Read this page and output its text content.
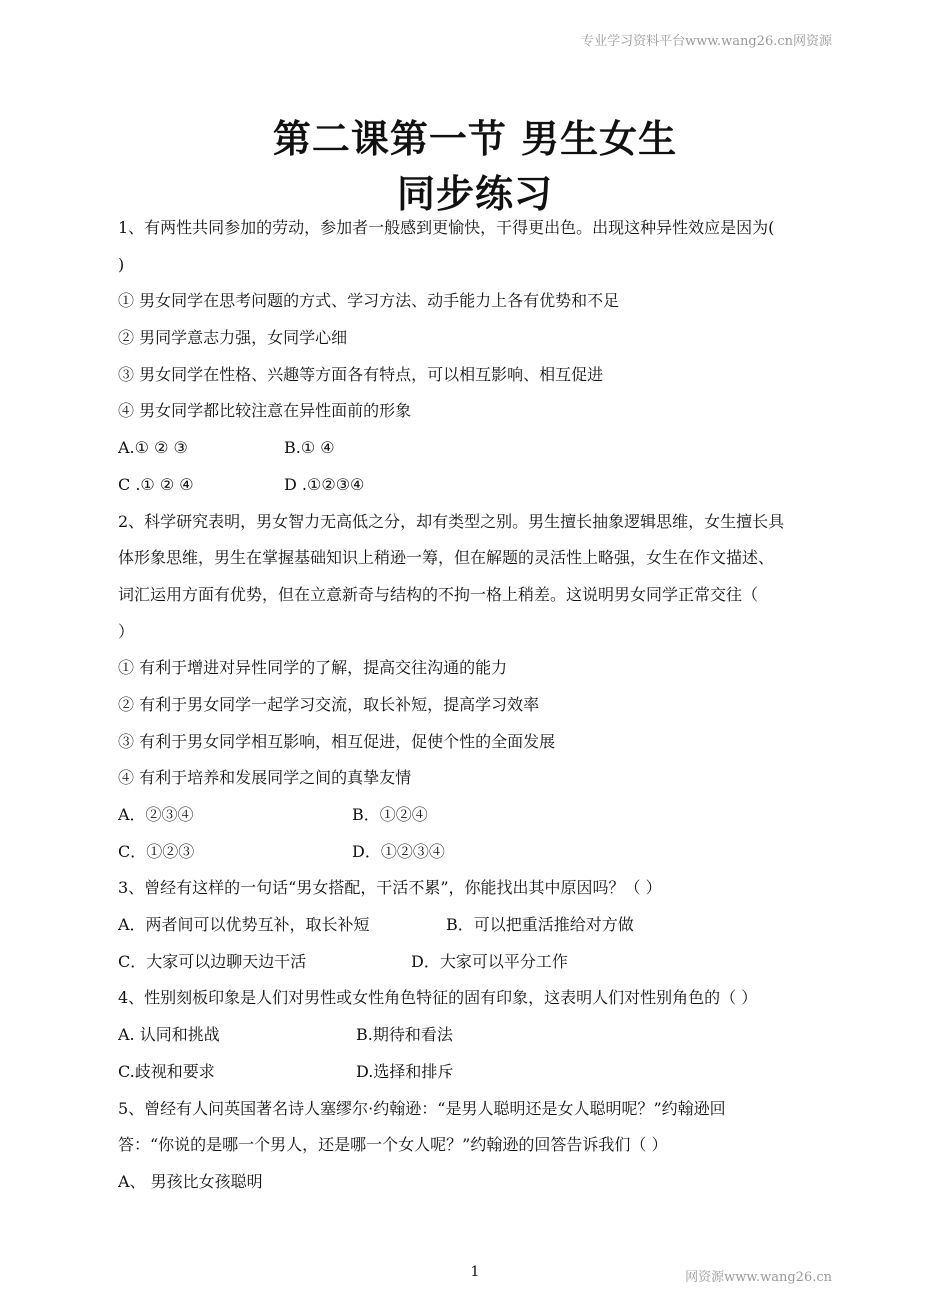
专业学习资料平台www.wang26.cn网资源
第二课第一节 男生女生
同步练习
1、有两性共同参加的劳动，参加者一般感到更愉快，干得更出色。出现这种异性效应是因为(
)
① 男女同学在思考问题的方式、学习方法、动手能力上各有优势和不足
② 男同学意志力强，女同学心细
③ 男女同学在性格、兴趣等方面各有特点，可以相互影响、相互促进
④ 男女同学都比较注意在异性面前的形象
A.① ② ③	B.① ④
C .① ② ④	D .①②③④
2、科学研究表明，男女智力无高低之分，却有类型之别。男生擅长抽象逻辑思维，女生擅长具
体形象思维，男生在掌握基础知识上稍逊一筹，但在解题的灵活性上略强，女生在作文描述、
词汇运用方面有优势，但在立意新奇与结构的不拘一格上稍差。这说明男女同学正常交往（
）
① 有利于增进对异性同学的了解，提高交往沟通的能力
② 有利于男女同学一起学习交流，取长补短，提高学习效率
③ 有利于男女同学相互影响，相互促进，促使个性的全面发展
④ 有利于培养和发展同学之间的真挚友情
A．②③④	B．①②④
C．①②③	D．①②③④
3、曾经有这样的一句话“男女搭配，干活不累”，你能找出其中原因吗？（ ）
A．两者间可以优势互补，取长补短	B．可以把重活推给对方做
C．大家可以边聊天边干活	D．大家可以平分工作
4、性别刻板印象是人们对男性或女性角色特征的固有印象，这表明人们对性别角色的（ ）
A. 认同和挑战	B.期待和看法
C.歧视和要求	D.选择和排斥
5、曾经有人问英国著名诗人塞缪尔·约翰逊：“是男人聪明还是女人聪明呢？”约翰逊回
答：“你说的是哪一个男人，还是哪一个女人呢？”约翰逊的回答告诉我们（ ）
A、 男孩比女孩聪明
1	网资源www.wang26.cn
